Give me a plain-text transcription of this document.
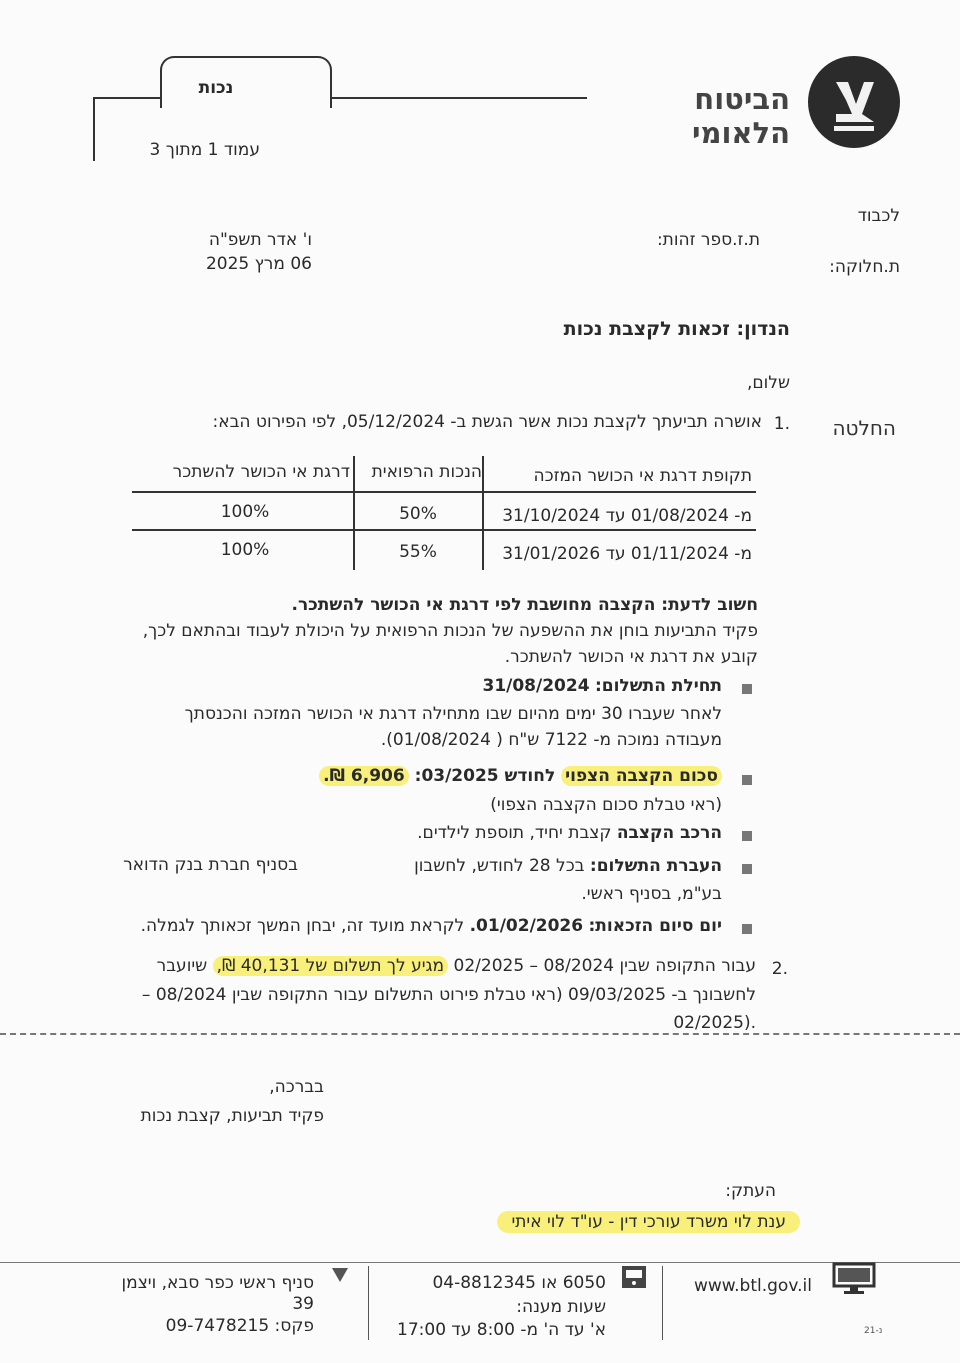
נכות
עמוד 1 מתוך 3
הביטוח הלאומי
לכבוד
ת.ז.ספר זהות:
ת.חלוקה:
ו' אדר תשפ"ה
06 מרץ 2025
הנדון: זכאות לקצבת נכות
שלום,
החלטה
1.
אושרה תביעתך לקצבת נכות אשר הגשת ב- 05/12/2024, לפי הפירוט הבא:
תקופת דרגת אי הכושר המזכה
הנכות הרפואית
דרגת אי הכושר להשתכר
מ- 01/08/2024 עד 31/10/2024
50%
100%
מ- 01/11/2024 עד 31/01/2026
55%
100%
חשוב לדעת: הקצבה מחושבת לפי דרגת אי הכושר להשתכר.
פקיד התביעות בוחן את ההשפעה של הנכות הרפואית על היכולת לעבוד ובהתאם לכך,
קובע את דרגת אי הכושר להשתכר.
תחילת התשלום: 31/08/2024
לאחר שעברו 30 ימים מהיום שבו מתחילה דרגת אי הכושר המזכה והכנסתך
מעבודה נמוכה מ- 7122 ש"ח ( 01/08/2024).
סכום הקצבה הצפוי לחודש 03/2025: 6,906 ₪.
(ראי טבלת סכום הקצבה הצפוי)
הרכב הקצבה קצבת יחיד, תוספת לילדים.
העברת התשלום: בכל 28 לחודש, לחשבון
בסניף חברת בנק הדואר
בע"מ, בסניף ראשי.
יום סיום הזכאות: 01/02/2026. לקראת מועד זה, יבחן המשך זכאותך לגמלה.
2.
עבור התקופה שבין 08/2024 – 02/2025 מגיע לך תשלום של 40,131 ₪, שיועבר
לחשבונך ב- 09/03/2025 (ראי טבלת פירוט התשלום עבור התקופה שבין 08/2024 –
02/2025).
בברכה,
פקיד תביעות, קצבת נכות
העתק:
ענת לוי משרד עורכי דין - עו"ד לוי איתי
www.btl.gov.il
21-נ
6050 או 04-8812345
שעות מענה:
א' עד ה' מ- 8:00 עד 17:00
סניף ראשי כפר סבא, ויצמן
39
פקס: 09-7478215
